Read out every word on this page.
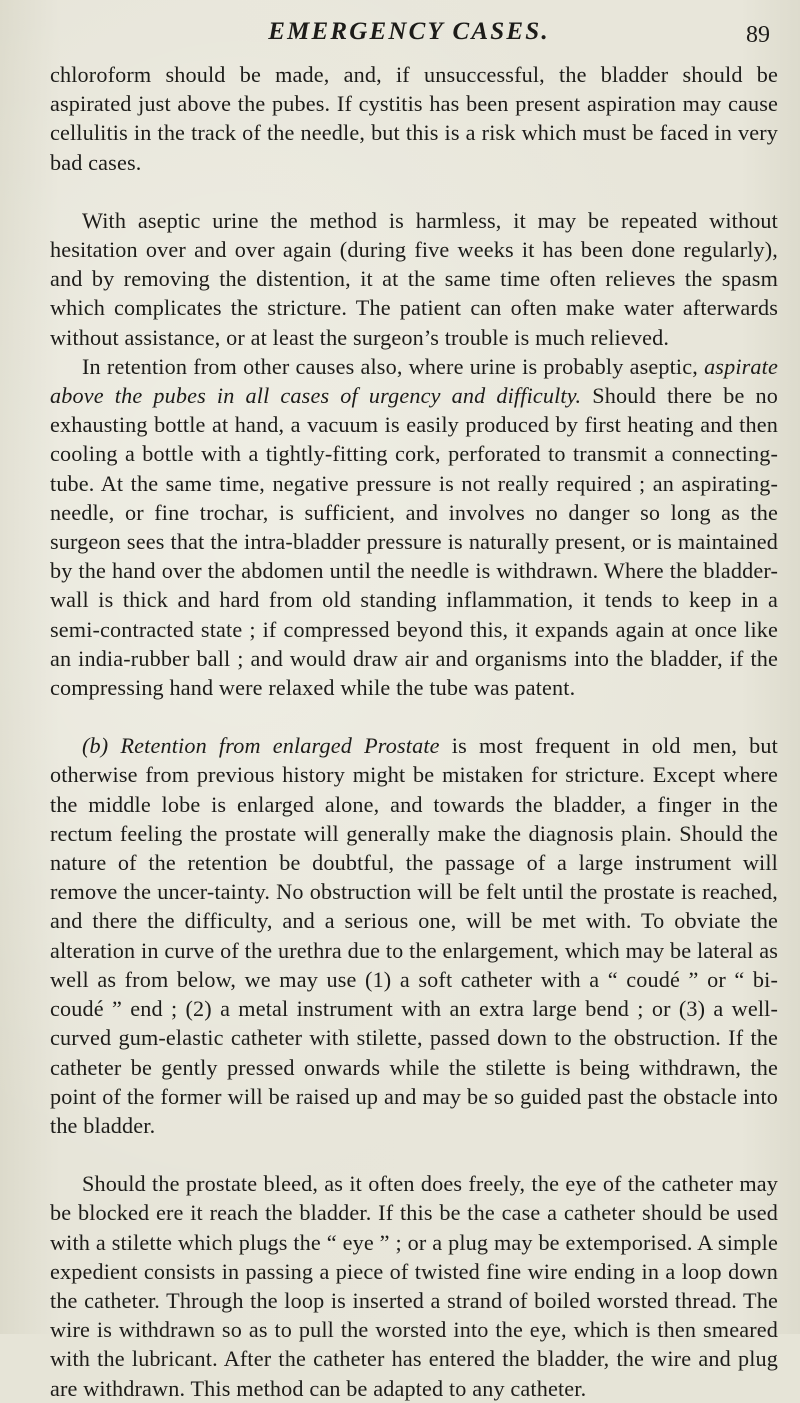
EMERGENCY CASES.	89

chloroform should be made, and, if unsuccessful, the bladder should be aspirated just above the pubes. If cystitis has been present aspiration may cause cellulitis in the track of the needle, but this is a risk which must be faced in very bad cases.

With aseptic urine the method is harmless, it may be repeated without hesitation over and over again (during five weeks it has been done regularly), and by removing the distention, it at the same time often relieves the spasm which complicates the stricture. The patient can often make water afterwards without assistance, or at least the surgeon’s trouble is much relieved.

In retention from other causes also, where urine is probably aseptic, aspirate above the pubes in all cases of urgency and difficulty. Should there be no exhausting bottle at hand, a vacuum is easily produced by first heating and then cooling a bottle with a tightly-fitting cork, perforated to transmit a connecting-tube. At the same time, negative pressure is not really required ; an aspirating-needle, or fine trochar, is sufficient, and involves no danger so long as the surgeon sees that the intra-bladder pressure is naturally present, or is maintained by the hand over the abdomen until the needle is withdrawn. Where the bladder-wall is thick and hard from old standing inflammation, it tends to keep in a semi-contracted state ; if compressed beyond this, it expands again at once like an india-rubber ball ; and would draw air and organisms into the bladder, if the compressing hand were relaxed while the tube was patent.

(b) Retention from enlarged Prostate is most frequent in old men, but otherwise from previous history might be mistaken for stricture. Except where the middle lobe is enlarged alone, and towards the bladder, a finger in the rectum feeling the prostate will generally make the diagnosis plain. Should the nature of the retention be doubtful, the passage of a large instrument will remove the uncer-tainty. No obstruction will be felt until the prostate is reached, and there the difficulty, and a serious one, will be met with. To obviate the alteration in curve of the urethra due to the enlargement, which may be lateral as well as from below, we may use (1) a soft catheter with a “ coudé ” or “ bi-coudé ” end ; (2) a metal instrument with an extra large bend ; or (3) a well-curved gum-elastic catheter with stilette, passed down to the obstruction. If the catheter be gently pressed onwards while the stilette is being withdrawn, the point of the former will be raised up and may be so guided past the obstacle into the bladder.

Should the prostate bleed, as it often does freely, the eye of the catheter may be blocked ere it reach the bladder. If this be the case a catheter should be used with a stilette which plugs the “ eye ” ; or a plug may be extemporised. A simple expedient consists in passing a piece of twisted fine wire ending in a loop down the catheter. Through the loop is inserted a strand of boiled worsted thread. The wire is withdrawn so as to pull the worsted into the eye, which is then smeared with the lubricant. After the catheter has entered the bladder, the wire and plug are withdrawn. This method can be adapted to any catheter.
